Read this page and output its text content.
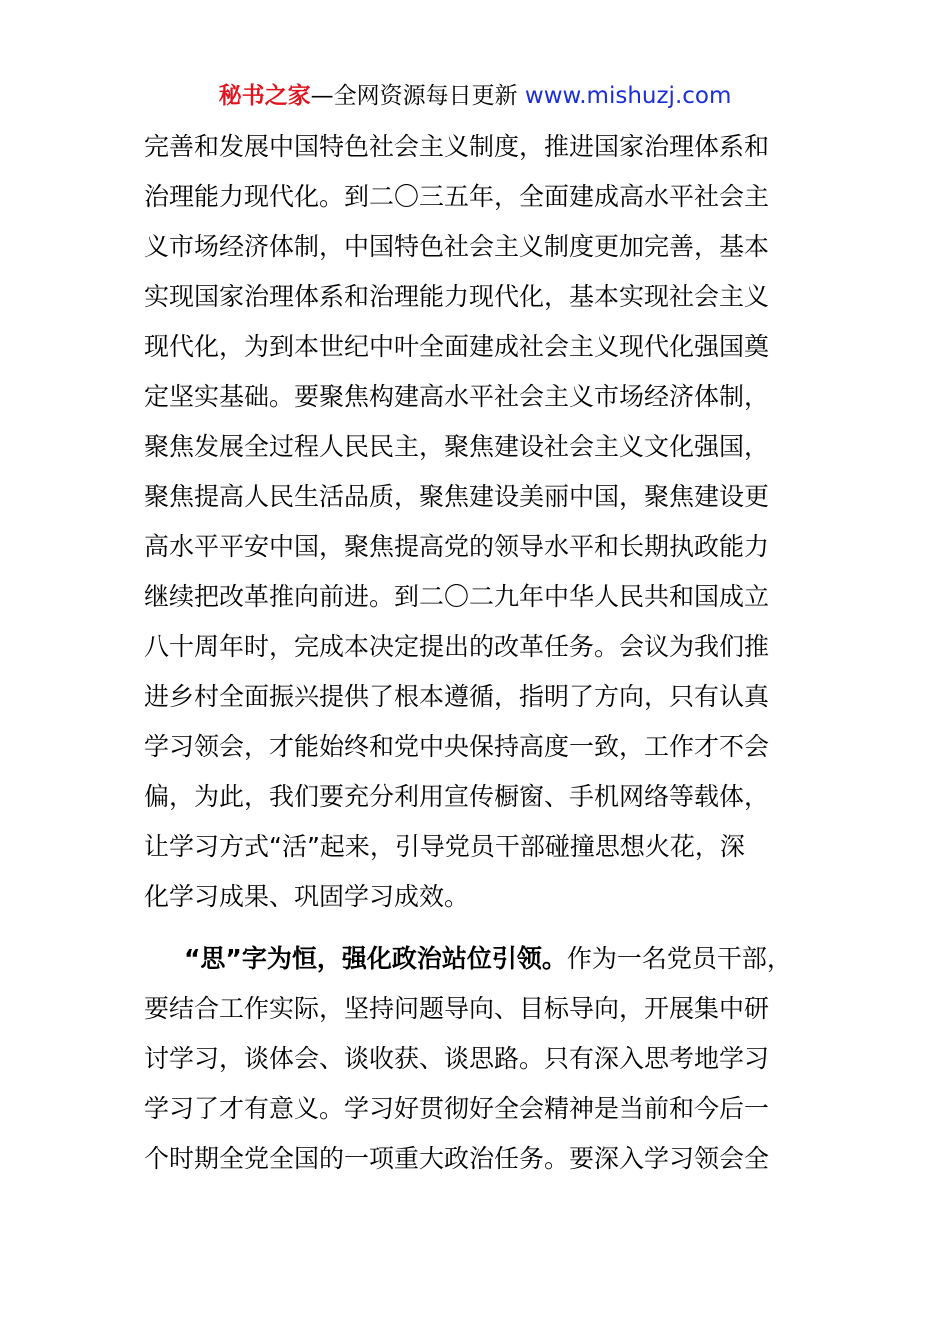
秘书之家—全网资源每日更新 www.mishuzj.com
完善和发展中国特色社会主义制度，推进国家治理体系和
治理能力现代化。到二〇三五年，全面建成高水平社会主
义市场经济体制，中国特色社会主义制度更加完善，基本
实现国家治理体系和治理能力现代化，基本实现社会主义
现代化，为到本世纪中叶全面建成社会主义现代化强国奠
定坚实基础。要聚焦构建高水平社会主义市场经济体制，
聚焦发展全过程人民民主，聚焦建设社会主义文化强国，
聚焦提高人民生活品质，聚焦建设美丽中国，聚焦建设更
高水平平安中国，聚焦提高党的领导水平和长期执政能力
继续把改革推向前进。到二〇二九年中华人民共和国成立
八十周年时，完成本决定提出的改革任务。会议为我们推
进乡村全面振兴提供了根本遵循，指明了方向，只有认真
学习领会，才能始终和党中央保持高度一致，工作才不会
偏，为此，我们要充分利用宣传橱窗、手机网络等载体，
让学习方式“活”起来，引导党员干部碰撞思想火花，深
化学习成果、巩固学习成效。
“思”字为恒，强化政治站位引领。作为一名党员干部，
要结合工作实际，坚持问题导向、目标导向，开展集中研
讨学习，谈体会、谈收获、谈思路。只有深入思考地学习
学习了才有意义。学习好贯彻好全会精神是当前和今后一
个时期全党全国的一项重大政治任务。要深入学习领会全
